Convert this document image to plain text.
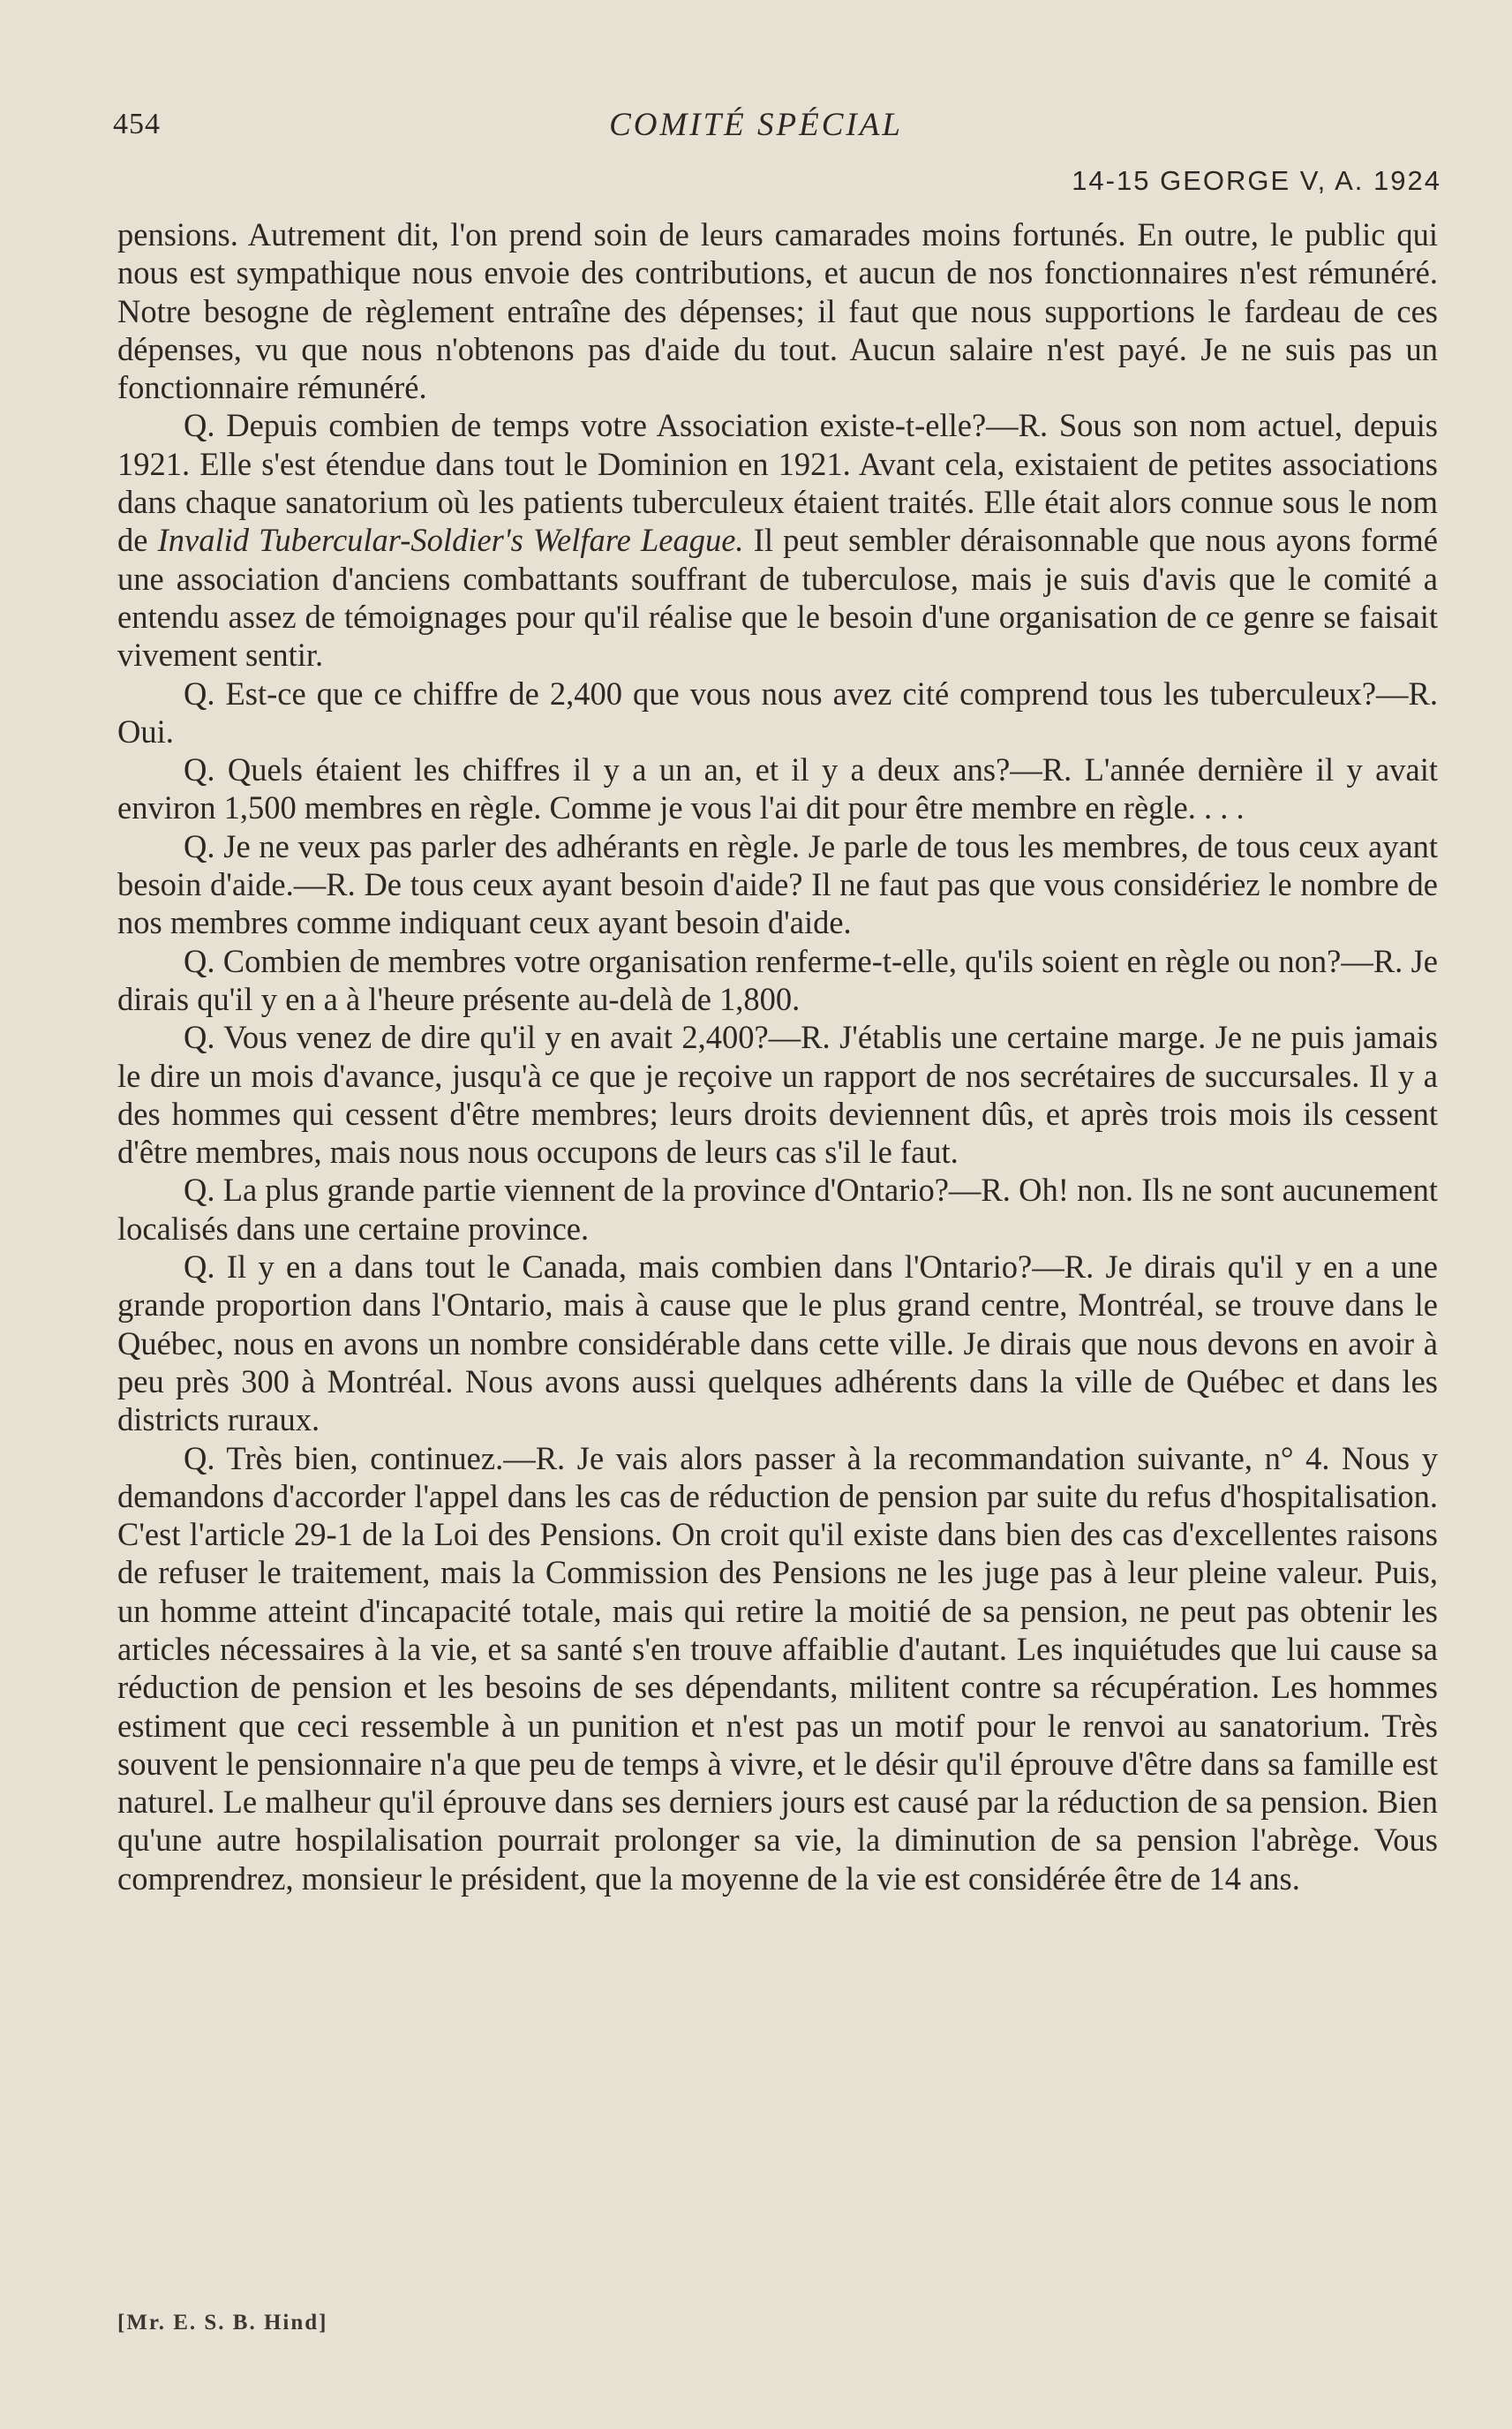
454	COMITÉ SPÉCIAL
14-15 GEORGE V, A. 1924

pensions. Autrement dit, l'on prend soin de leurs camarades moins fortunés. En outre, le public qui nous est sympathique nous envoie des contributions, et aucun de nos fonctionnaires n'est rémunéré. Notre besogne de règlement entraîne des dépenses; il faut que nous supportions le fardeau de ces dépenses, vu que nous n'obtenons pas d'aide du tout. Aucun salaire n'est payé. Je ne suis pas un fonctionnaire rémunéré.

Q. Depuis combien de temps votre Association existe-t-elle?—R. Sous son nom actuel, depuis 1921. Elle s'est étendue dans tout le Dominion en 1921. Avant cela, existaient de petites associations dans chaque sanatorium où les patients tuberculeux étaient traités. Elle était alors connue sous le nom de Invalid Tubercular-Soldier's Welfare League. Il peut sembler déraisonnable que nous ayons formé une association d'anciens combattants souffrant de tuberculose, mais je suis d'avis que le comité a entendu assez de témoignages pour qu'il réalise que le besoin d'une organisation de ce genre se faisait vivement sentir.

Q. Est-ce que ce chiffre de 2,400 que vous nous avez cité comprend tous les tuberculeux?—R. Oui.

Q. Quels étaient les chiffres il y a un an, et il y a deux ans?—R. L'année dernière il y avait environ 1,500 membres en règle. Comme je vous l'ai dit pour être membre en règle. . . .

Q. Je ne veux pas parler des adhérants en règle. Je parle de tous les membres, de tous ceux ayant besoin d'aide.—R. De tous ceux ayant besoin d'aide? Il ne faut pas que vous considériez le nombre de nos membres comme indiquant ceux ayant besoin d'aide.

Q. Combien de membres votre organisation renferme-t-elle, qu'ils soient en règle ou non?—R. Je dirais qu'il y en a à l'heure présente au-delà de 1,800.

Q. Vous venez de dire qu'il y en avait 2,400?—R. J'établis une certaine marge. Je ne puis jamais le dire un mois d'avance, jusqu'à ce que je reçoive un rapport de nos secrétaires de succursales. Il y a des hommes qui cessent d'être membres; leurs droits deviennent dûs, et après trois mois ils cessent d'être membres, mais nous nous occupons de leurs cas s'il le faut.

Q. La plus grande partie viennent de la province d'Ontario?—R. Oh! non. Ils ne sont aucunement localisés dans une certaine province.

Q. Il y en a dans tout le Canada, mais combien dans l'Ontario?—R. Je dirais qu'il y en a une grande proportion dans l'Ontario, mais à cause que le plus grand centre, Montréal, se trouve dans le Québec, nous en avons un nombre considérable dans cette ville. Je dirais que nous devons en avoir à peu près 300 à Montréal. Nous avons aussi quelques adhérents dans la ville de Québec et dans les districts ruraux.

Q. Très bien, continuez.—R. Je vais alors passer à la recommandation suivante, n° 4. Nous y demandons d'accorder l'appel dans les cas de réduction de pension par suite du refus d'hospitalisation. C'est l'article 29-1 de la Loi des Pensions. On croit qu'il existe dans bien des cas d'excellentes raisons de refuser le traitement, mais la Commission des Pensions ne les juge pas à leur pleine valeur. Puis, un homme atteint d'incapacité totale, mais qui retire la moitié de sa pension, ne peut pas obtenir les articles nécessaires à la vie, et sa santé s'en trouve affaiblie d'autant. Les inquiétudes que lui cause sa réduction de pension et les besoins de ses dépendants, militent contre sa récupération. Les hommes estiment que ceci ressemble à un punition et n'est pas un motif pour le renvoi au sanatorium. Très souvent le pensionnaire n'a que peu de temps à vivre, et le désir qu'il éprouve d'être dans sa famille est naturel. Le malheur qu'il éprouve dans ses derniers jours est causé par la réduction de sa pension. Bien qu'une autre hospilalisation pourrait prolonger sa vie, la diminution de sa pension l'abrège. Vous comprendrez, monsieur le président, que la moyenne de la vie est considérée être de 14 ans.

[Mr. E. S. B. Hind]
